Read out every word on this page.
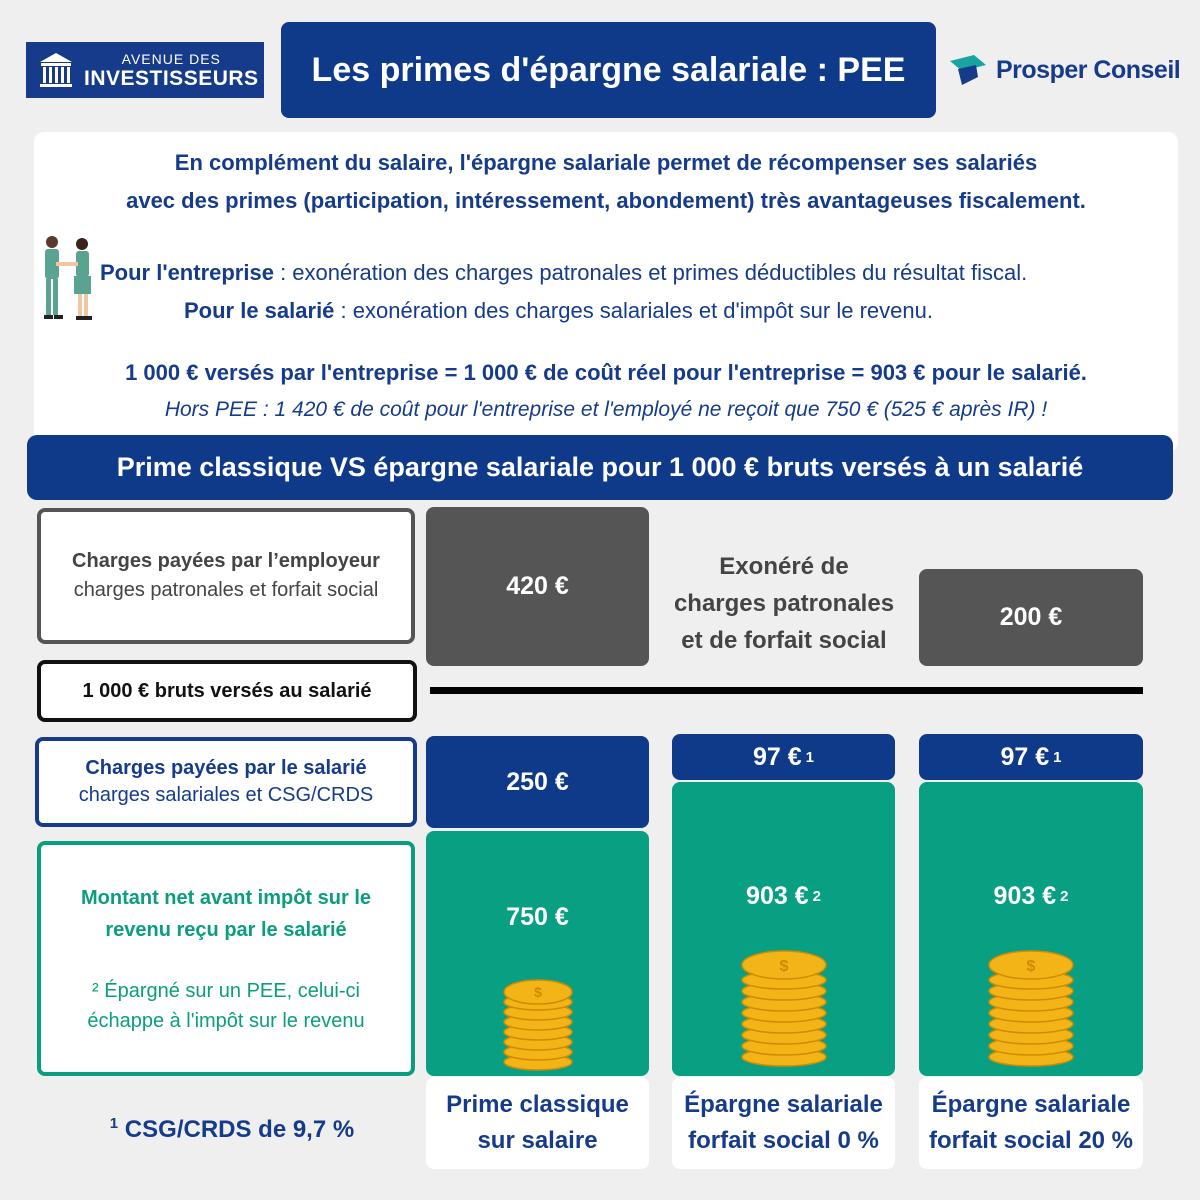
AVENUE DES
INVESTISSEURS	Les primes d'épargne salariale : PEE	Prosper Conseil
En complément du salaire, l'épargne salariale permet de récompenser ses salariés
avec des primes (participation, intéressement, abondement) très avantageuses fiscalement.
Pour l'entreprise : exonération des charges patronales et primes déductibles du résultat fiscal.
Pour le salarié : exonération des charges salariales et d'impôt sur le revenu.
1 000 € versés par l'entreprise = 1 000 € de coût réel pour l'entreprise = 903 € pour le salarié.
Hors PEE : 1 420 € de coût pour l'entreprise et l'employé ne reçoit que 750 € (525 € après IR) !
Prime classique VS épargne salariale pour 1 000 € bruts versés à un salarié
Charges payées par l’employeur
charges patronales et forfait social
1 000 € bruts versés au salarié
Charges payées par le salarié
charges salariales et CSG/CRDS
Montant net avant impôt sur le
revenu reçu par le salarié
² Épargné sur un PEE, celui-ci
échappe à l'impôt sur le revenu
$^1$ CSG/CRDS de 9,7 %
420 €
250 €
750 €
$
Prime classique
sur salaire
Exonéré de
charges patronales
et de forfait social
97 € 1
903 € 2
$
Épargne salariale
forfait social 0 %
200 €
97 € 1
903 € 2
$
Épargne salariale
forfait social 20 %
